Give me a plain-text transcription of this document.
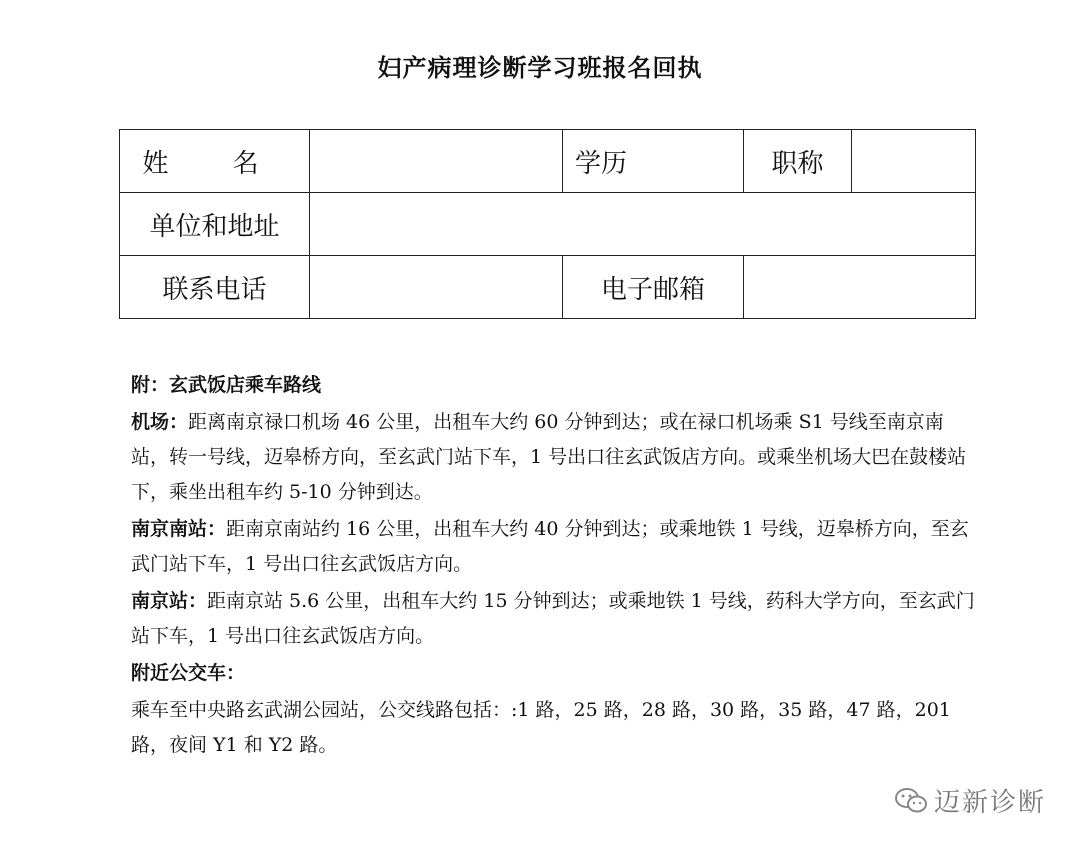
妇产病理诊断学习班报名回执
姓 名		学历	职称	
单位和地址				
联系电话		电子邮箱		

附：玄武饭店乘车路线

机场：距离南京禄口机场 46 公里，出租车大约 60 分钟到达；或在禄口机场乘 S1 号线至南京南站，转一号线，迈皋桥方向，至玄武门站下车，1 号出口往玄武饭店方向。或乘坐机场大巴在鼓楼站下，乘坐出租车约 5-10 分钟到达。

南京南站：距南京南站约 16 公里，出租车大约 40 分钟到达；或乘地铁 1 号线，迈皋桥方向，至玄武门站下车，1 号出口往玄武饭店方向。

南京站：距南京站 5.6 公里，出租车大约 15 分钟到达；或乘地铁 1 号线，药科大学方向，至玄武门站下车，1 号出口往玄武饭店方向。

附近公交车：

乘车至中央路玄武湖公园站，公交线路包括：:1 路，25 路，28 路，30 路，35 路，47 路，201 路，夜间 Y1 和 Y2 路。

迈新诊断
